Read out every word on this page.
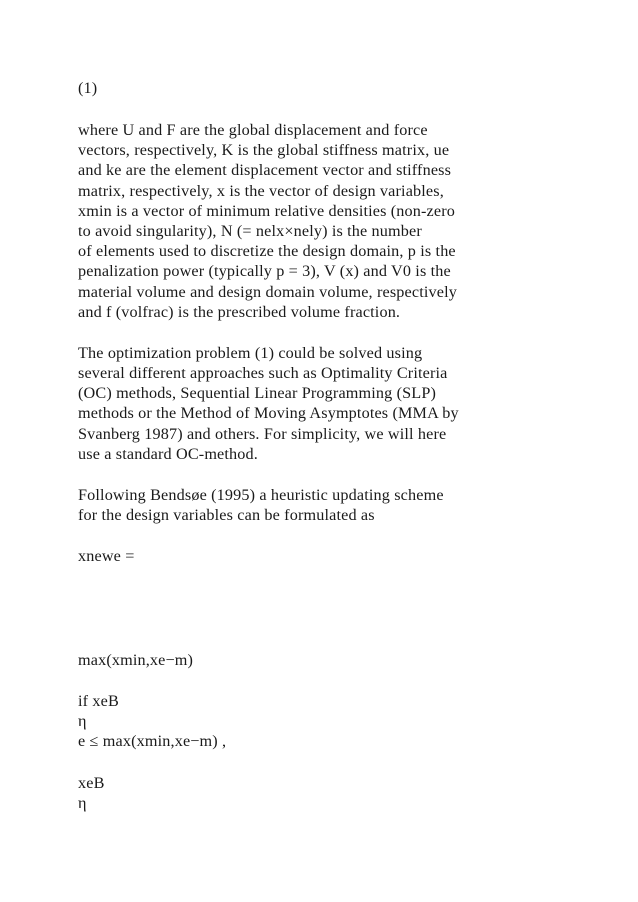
(1)
where U and F are the global displacement and force
vectors, respectively, K is the global stiffness matrix, ue
and ke are the element displacement vector and stiffness
matrix, respectively, x is the vector of design variables,
xmin is a vector of minimum relative densities (non-zero
to avoid singularity), N (= nelx×nely) is the number
of elements used to discretize the design domain, p is the
penalization power (typically p = 3), V (x) and V0 is the
material volume and design domain volume, respectively
and f (volfrac) is the prescribed volume fraction.
The optimization problem (1) could be solved using
several different approaches such as Optimality Criteria
(OC) methods, Sequential Linear Programming (SLP)
methods or the Method of Moving Asymptotes (MMA by
Svanberg 1987) and others. For simplicity, we will here
use a standard OC-method.
Following Bendsøe (1995) a heuristic updating scheme
for the design variables can be formulated as
xnewe =
max(xmin,xe−m)
if xeB
η
e ≤ max(xmin,xe−m) ,
xeB
η
